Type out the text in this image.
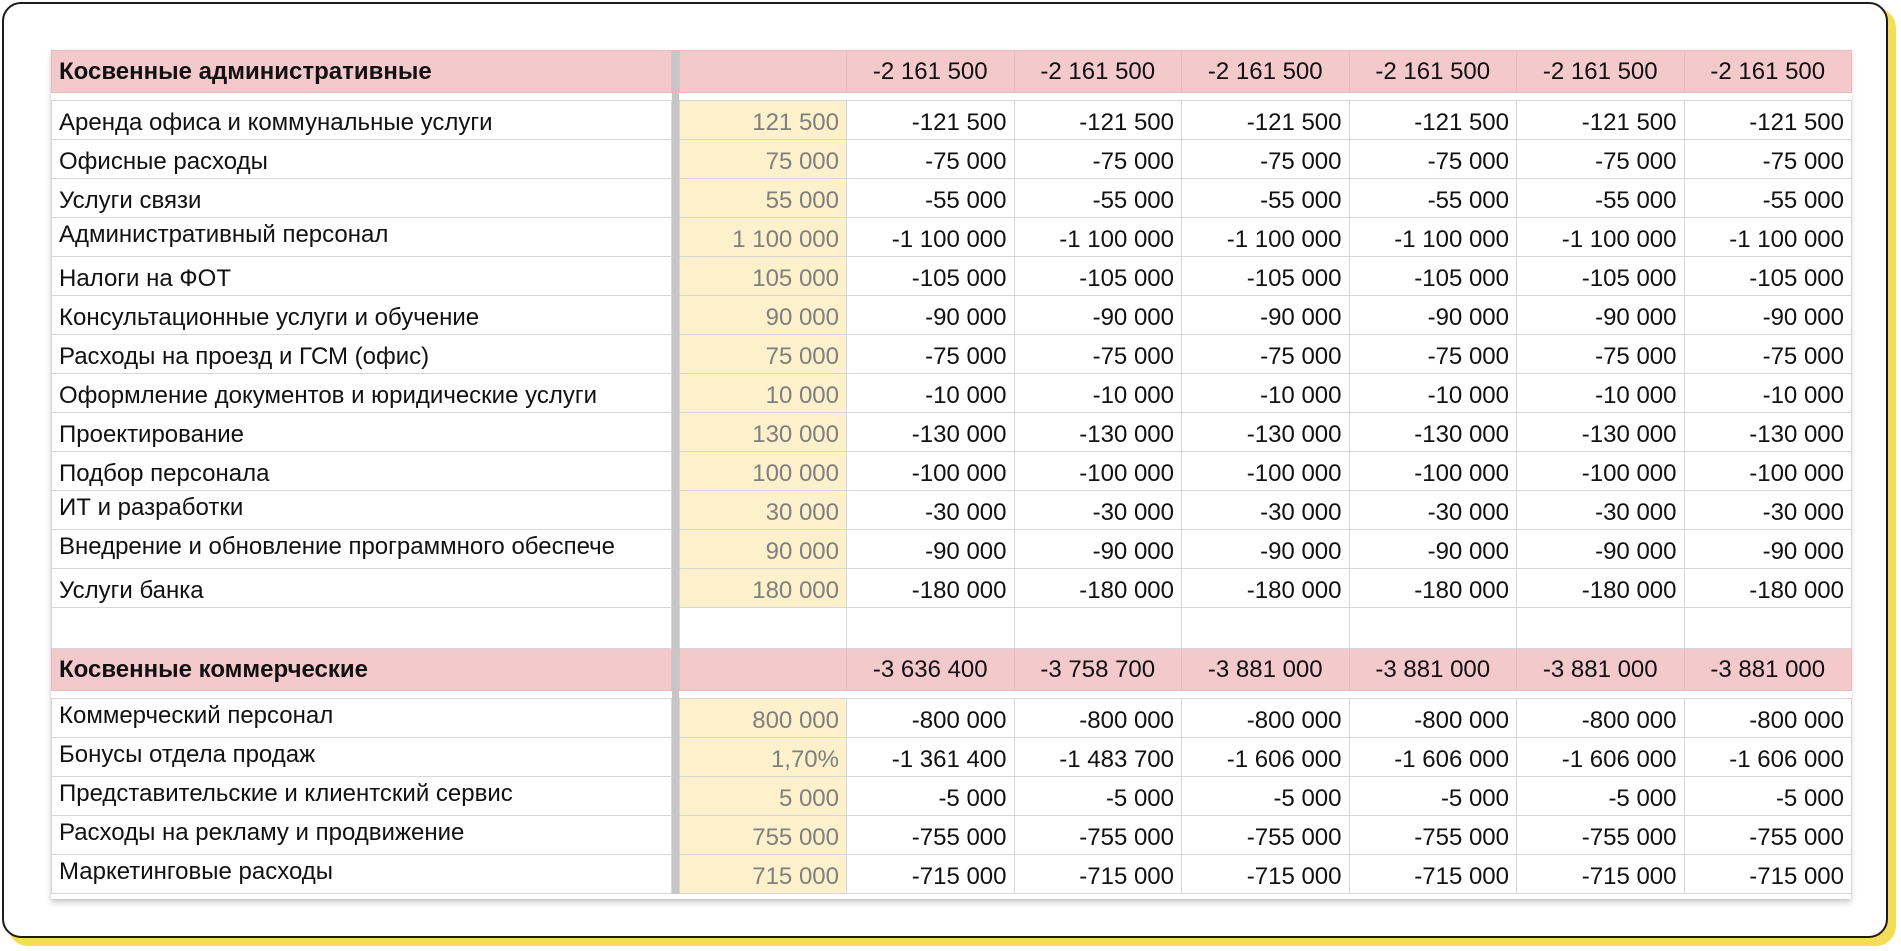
Косвенные административные			-2 161 500	-2 161 500	-2 161 500	-2 161 500	-2 161 500	-2 161 500

Аренда офиса и коммунальные услуги		121 500	-121 500	-121 500	-121 500	-121 500	-121 500	-121 500
Офисные расходы		75 000	-75 000	-75 000	-75 000	-75 000	-75 000	-75 000
Услуги связи		55 000	-55 000	-55 000	-55 000	-55 000	-55 000	-55 000
Административный персонал		1 100 000	-1 100 000	-1 100 000	-1 100 000	-1 100 000	-1 100 000	-1 100 000
Налоги на ФОТ		105 000	-105 000	-105 000	-105 000	-105 000	-105 000	-105 000
Консультационные услуги и обучение		90 000	-90 000	-90 000	-90 000	-90 000	-90 000	-90 000
Расходы на проезд и ГСМ (офис)		75 000	-75 000	-75 000	-75 000	-75 000	-75 000	-75 000
Оформление документов и юридические услуги		10 000	-10 000	-10 000	-10 000	-10 000	-10 000	-10 000
Проектирование		130 000	-130 000	-130 000	-130 000	-130 000	-130 000	-130 000
Подбор персонала		100 000	-100 000	-100 000	-100 000	-100 000	-100 000	-100 000
ИТ и разработки		30 000	-30 000	-30 000	-30 000	-30 000	-30 000	-30 000
Внедрение и обновление программного обеспече		90 000	-90 000	-90 000	-90 000	-90 000	-90 000	-90 000
Услуги банка		180 000	-180 000	-180 000	-180 000	-180 000	-180 000	-180 000

Косвенные коммерческие			-3 636 400	-3 758 700	-3 881 000	-3 881 000	-3 881 000	-3 881 000

Коммерческий персонал		800 000	-800 000	-800 000	-800 000	-800 000	-800 000	-800 000
Бонусы отдела продаж		1,70%	-1 361 400	-1 483 700	-1 606 000	-1 606 000	-1 606 000	-1 606 000
Представительские и клиентский сервис		5 000	-5 000	-5 000	-5 000	-5 000	-5 000	-5 000
Расходы на рекламу и продвижение		755 000	-755 000	-755 000	-755 000	-755 000	-755 000	-755 000
Маркетинговые расходы		715 000	-715 000	-715 000	-715 000	-715 000	-715 000	-715 000
